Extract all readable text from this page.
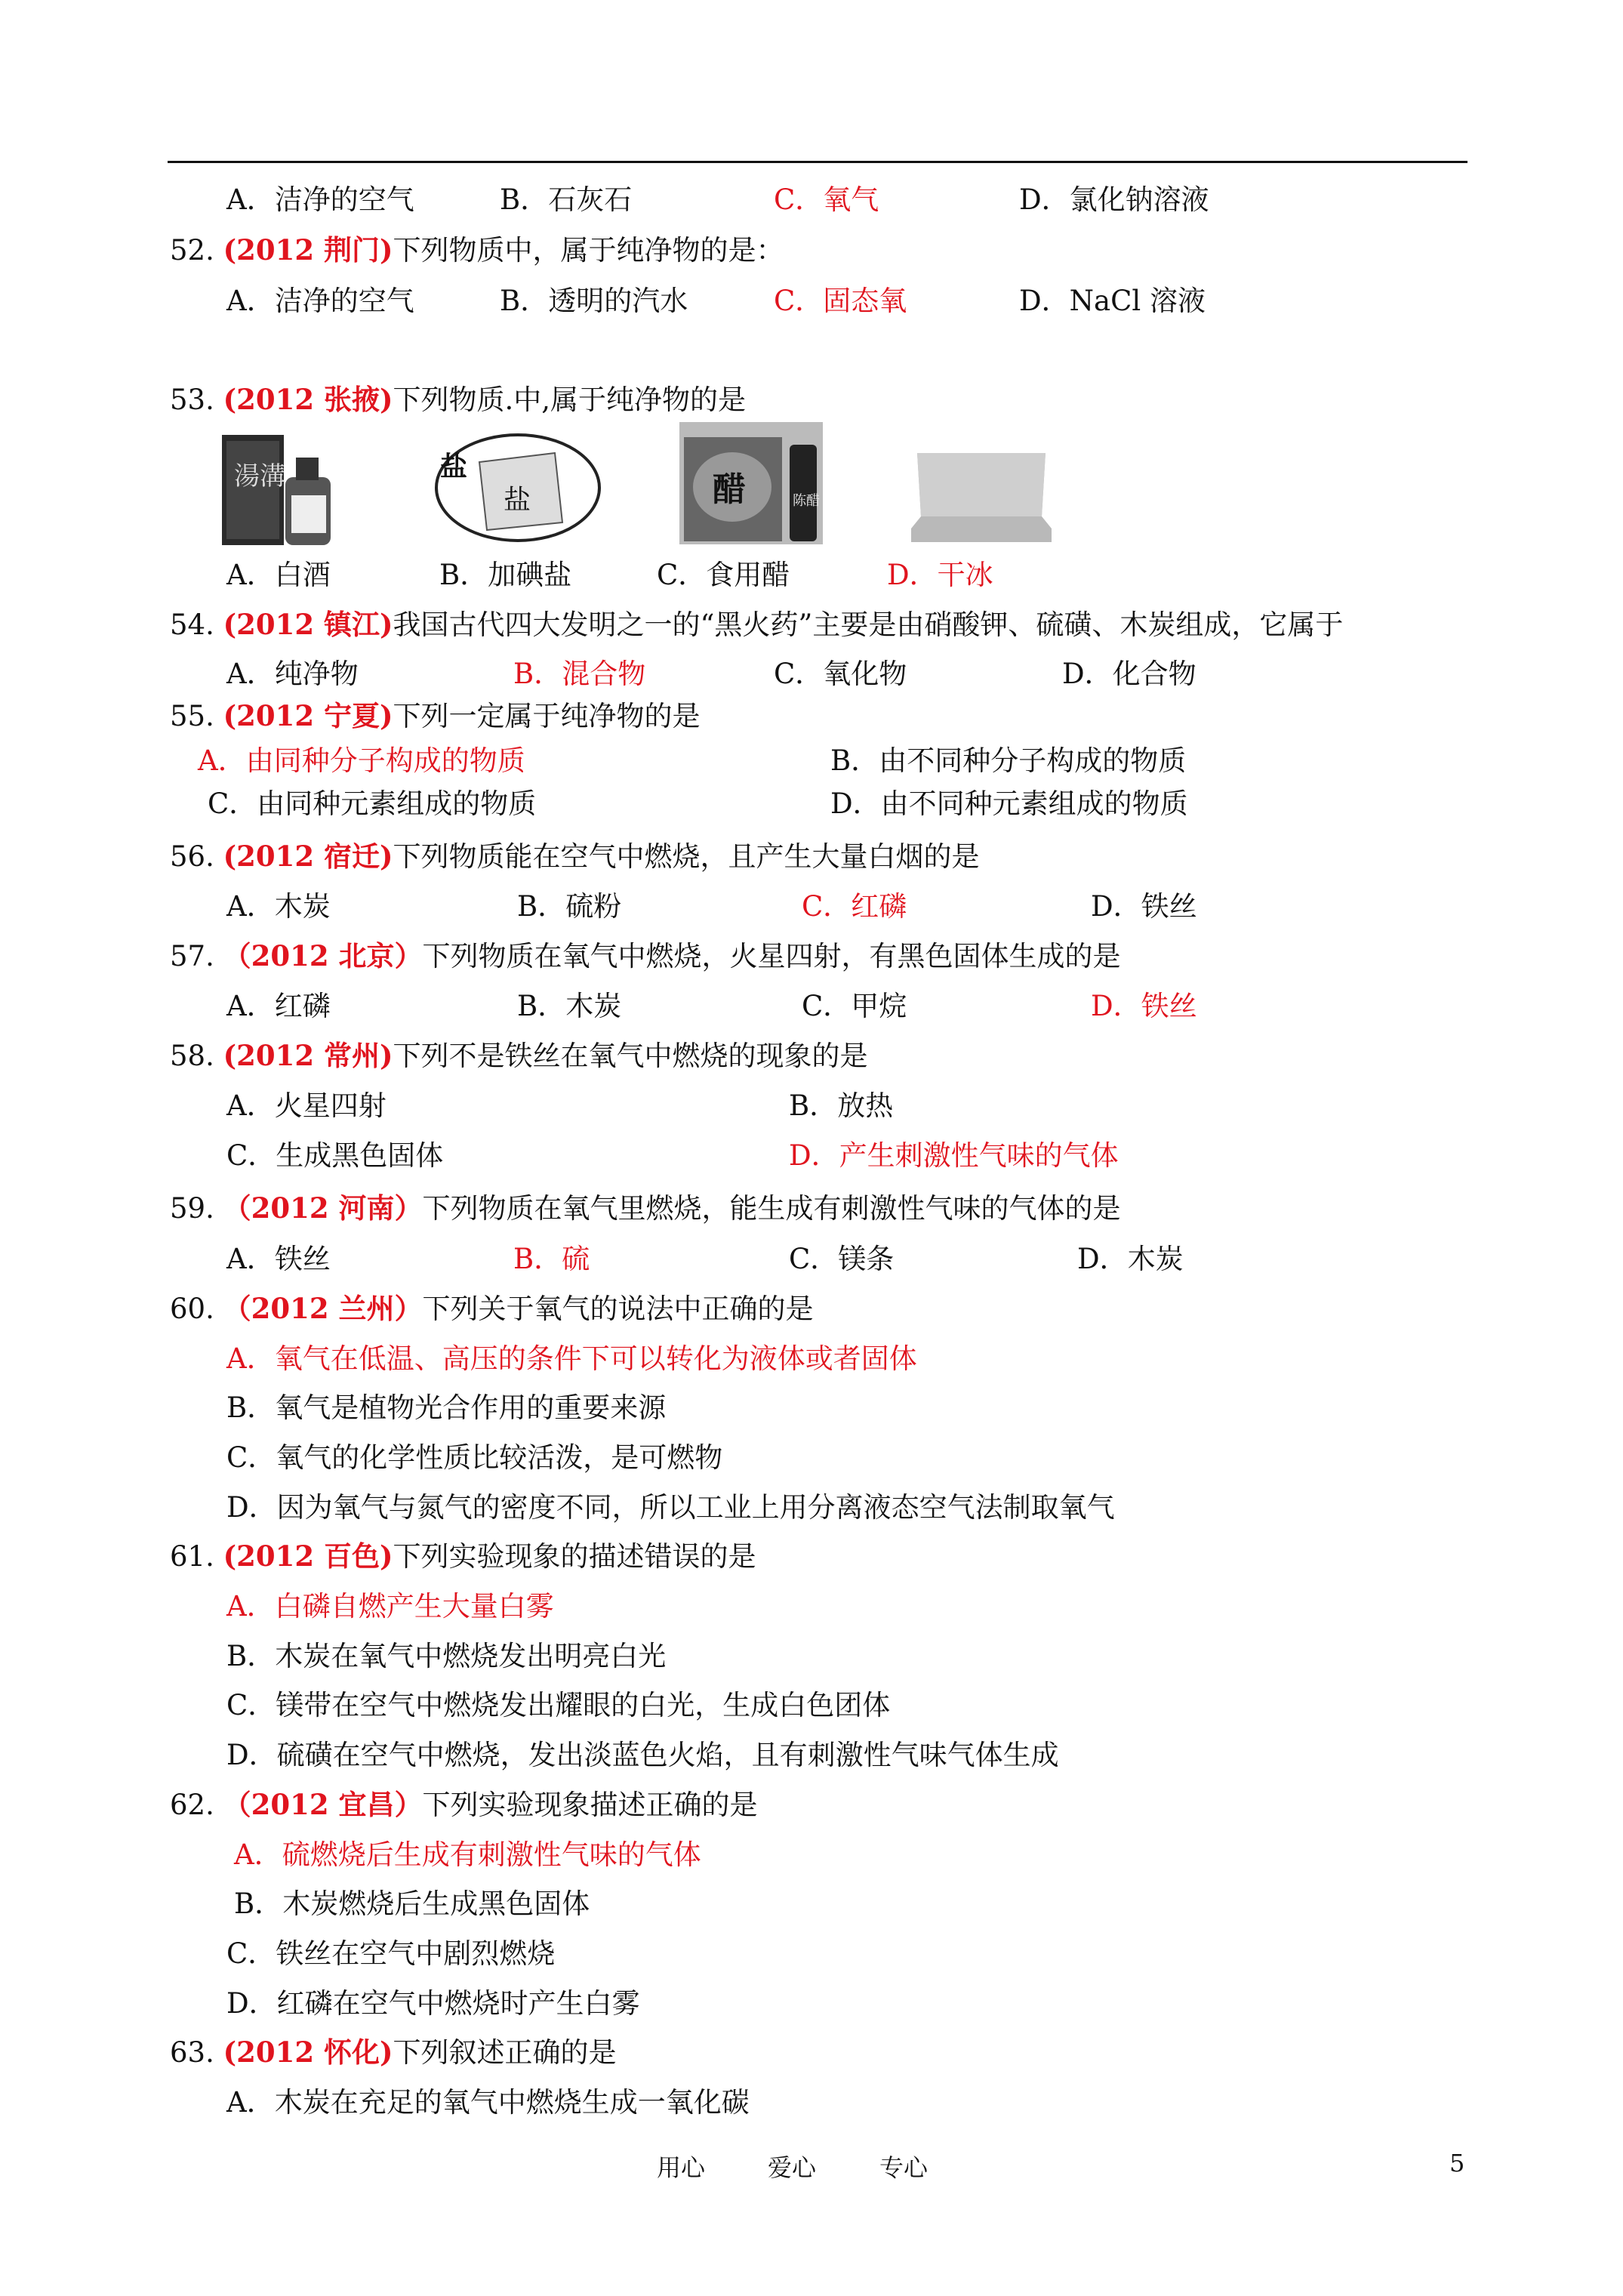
A．洁净的空气	B．石灰石	C．氧气	D．氯化钠溶液
52. (2012 荆门)下列物质中，属于纯净物的是：
A．洁净的空气	B．透明的汽水	C．固态氧	D．NaCl 溶液
53. (2012 张掖)下列物质.中,属于纯净物的是
湯溝	盐
盐	醋	陈醋
A．白酒	B．加碘盐	C．食用醋	D．干冰
54. (2012 镇江)我国古代四大发明之一的“黑火药”主要是由硝酸钾、硫磺、木炭组成，它属于
A．纯净物	B．混合物	C．氧化物	D．化合物
55. (2012 宁夏)下列一定属于纯净物的是
A．由同种分子构成的物质	B．由不同种分子构成的物质
C．由同种元素组成的物质	D．由不同种元素组成的物质
56. (2012 宿迁)下列物质能在空气中燃烧，且产生大量白烟的是
A．木炭	B．硫粉	C．红磷	D．铁丝
57. （2012 北京）下列物质在氧气中燃烧，火星四射，有黑色固体生成的是
A．红磷	B．木炭	C．甲烷	D．铁丝
58. (2012 常州)下列不是铁丝在氧气中燃烧的现象的是
A．火星四射	B．放热
C．生成黑色固体	D．产生刺激性气味的气体
59. （2012 河南）下列物质在氧气里燃烧，能生成有刺激性气味的气体的是
A．铁丝	B．硫	C．镁条	D．木炭
60. （2012 兰州）下列关于氧气的说法中正确的是
A．氧气在低温、高压的条件下可以转化为液体或者固体
B．氧气是植物光合作用的重要来源
C．氧气的化学性质比较活泼，是可燃物
D．因为氧气与氮气的密度不同，所以工业上用分离液态空气法制取氧气
61. (2012 百色)下列实验现象的描述错误的是
A．白磷自燃产生大量白雾
B．木炭在氧气中燃烧发出明亮白光
C．镁带在空气中燃烧发出耀眼的白光，生成白色团体
D．硫磺在空气中燃烧，发出淡蓝色火焰，且有刺激性气味气体生成
62. （2012 宜昌）下列实验现象描述正确的是
A．硫燃烧后生成有刺激性气味的气体
B．木炭燃烧后生成黑色固体
C．铁丝在空气中剧烈燃烧
D．红磷在空气中燃烧时产生白雾
63. (2012 怀化)下列叙述正确的是
A．木炭在充足的氧气中燃烧生成一氧化碳
用心	爱心	专心	5
